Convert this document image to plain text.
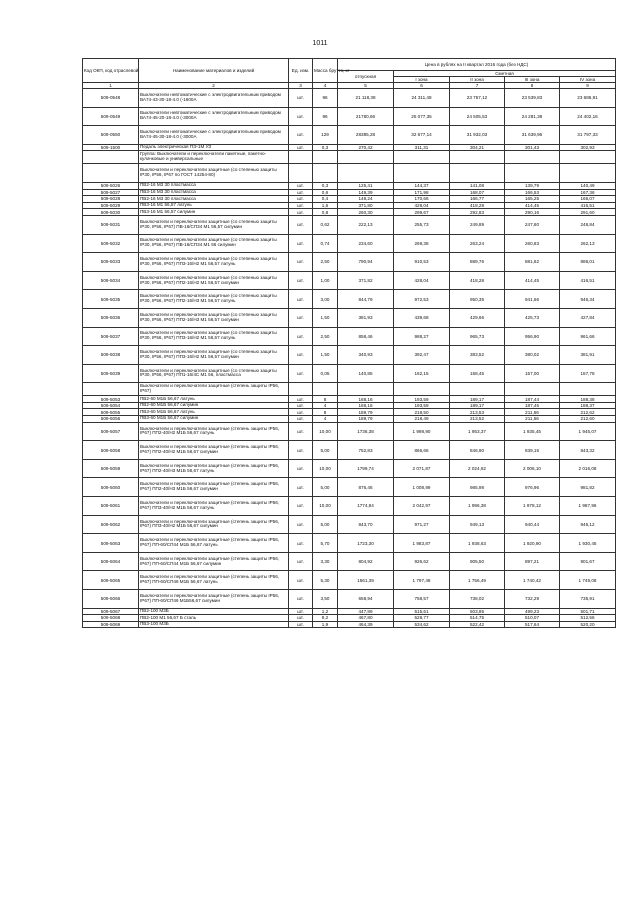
1011
Код ОКП, код отраслевой	Наименование материалов и изделий	Ед. изм.	Масса брутто, кг	Цена в рублях на II квартал 2016 года (без НДС)				
				отпускная	Сметная			
					I зона	II зона	III зона	IV зона
1	2	3	4	5	6	7	8	9
509-0548	Выключатели невтоматические с электродвигательным приводом ВА74-43-30-18-4.0 (-1600А	шт.	96	21 118,38	24 311,48	23 757,12	23 539,83	23 686,91
509-0549	Выключатели невтоматические с электродвигательным приводом ВА74-45-20-18-4.0 (-3000А	шт.	96	21780,66	25 077,35	24 505,53	24 281,38	24 402,16
509-0550	Выключатели невтоматические с электродвигательным приводом ВА74-45-30-18-4.0 (-3000А	шт.	129	28385,28	32 677,14	31 932,03	31 639,96	31 797,33
509-1500	Педаль электрическая ПЭ-1М УЗ	шт.	0,3	270,42	311,31	304,21	301,43	302,93
	Группа: Выключатели и переключатели пакетные, пакетно-кулачковые и универсальные							
	Выключатели и переключатели защитные (со степенью защиты IP30, IP56, IP67 по ГОСТ 14254-80)							
509-5026	ПВ2-16 М3 30 пластмасса	шт.	0,3	125,41	144,37	141,08	139,79	140,49
509-5027	ПВ3-16 М3 30 пластмасса	шт.	0,6	149,39	171,98	168,07	166,53	167,36
509-5028	ПВ2-16 М3 30 пластмасса	шт.	0,4	148,24	170,66	166,77	165,25	166,07
509-5029	ПВ3-16 М1 56,57 латунь	шт.	1,6	371,80	428,04	418,28	414,45	416,51
509-5030	ПВ3-16 М1 56,57 силумин	шт.	0,8	260,30	299,67	292,83	290,16	291,60
509-5031	Выключатели и переключатели защитные (со степенью защиты IP30, IP56, IP67) ПВ-16/СП34 М1 56,57 силумин	шт.	0,62	222,13	255,73	249,89	247,60	248,84
509-5032	Выключатели и переключатели защитные (со степенью защиты IP30, IP56, IP67) ПВ-16/СП34 М1 56 силумин	шт.	0,74	234,60	269,38	263,24	260,83	262,13
509-5033	Выключатели и переключатели защитные (со степенью защиты IP30, IP56, IP67) ПП3-16/Н2 М1 56,57 латунь	шт.	2,50	790,94	910,53	889,76	881,62	886,01
509-5034	Выключатели и переключатели защитные (со степенью защиты IP30, IP56, IP67) ПП2-16/Н2 М1 56,57 силумин	шт.	1,00	371,82	428,04	418,28	414,45	416,51
509-5035	Выключатели и переключатели защитные (со степенью защиты IP30, IP56, IP67) ПП2-16/Н3 М1 56,57 латунь	шт.	3,00	844,79	972,53	950,35	941,66	946,34
509-5036	Выключатели и переключатели защитные (со степенью защиты IP30, IP56, IP67) ПП2-16/Н3 М1 56,57 силумин	шт.	1,50	381,93	439,68	429,66	425,73	427,84
509-5037	Выключатели и переключатели защитные (со степенью защиты IP30, IP56, IP67) ПП3-16/Н2 М1 56,57 латунь	шт.	2,50	858,46	988,27	965,73	956,90	961,66
509-5038	Выключатели и переключатели защитные (со степенью защиты IP30, IP56, IP67) ПП3-16/Н2 М1 56,57 силумин	шт.	1,50	340,93	392,47	383,52	380,02	381,91
509-5039	Выключатели и переключатели защитные (со степенью защиты IP30, IP56, IP67) ПП1-16/4С М1 56, пластмасса	шт.	0,05	140,85	162,15	158,45	157,00	157,78
	Выключатели и переключатели защитные (степень защиты IP56, IP67)							
509-5053	ПВ2-60 М1Б 56,67 латунь	шт.	8	168,16	193,59	189,17	187,44	188,38
509-5054	ПВ2-60 М1Б 56,67 силумин	шт.	4	168,16	193,59	189,17	187,45	188,37
509-5055	ПВ3-60 М1Б 56,67 латунь	шт.	8	189,79	218,50	213,53	211,56	212,62
509-5056	ПВ3-60 М1Б 56,67 силумин	шт.	4	189,79	218,49	213,52	211,56	212,60
509-5057	Выключатели и переключатели защитные (степень защиты IP56, IP67) ПП2-40/Н2 М1Б 56,67 латунь	шт.	10,00	1736,38	1 998,90	1 953,37	1 935,45	1 945,07
509-5058	Выключатели и переключатели защитные (степень защиты IP56, IP67) ПП2-40/Н2 М1Б 56,67 силумин	шт.	5,00	752,83	866,66	846,90	839,15	843,32
509-5059	Выключатели и переключатели защитные (степень защиты IP56, IP67) ПП2-40/Н3 М1Б 56,67 латунь	шт.	10,00	1799,74	2 071,87	2 024,62	2 006,10	2 016,08
509-5060	Выключатели и переключатели защитные (степень защиты IP56, IP67) ПП2-40/Н3 М1Б 56,67 силумин	шт.	5,00	876,46	1 008,99	985,98	976,96	981,82
509-5061	Выключатели и переключатели защитные (степень защиты IP56, IP67) ПП3-40/Н2 М1Б 56,67 латунь	шт.	10,00	1774,84	2 042,97	1 996,38	1 978,12	1 987,96
509-5062	Выключатели и переключатели защитные (степень защиты IP56, IP67) ПП3-40/Н2 М1Б 56,67 силумин	шт.	5,00	843,70	971,27	949,13	940,44	945,12
509-5063	Выключатели и переключатели защитные (степень защиты IP56, IP67) ПП-60/СП44 М1Б 56,67 латунь	шт.	5,70	1723,30	1 983,87	1 938,63	1 920,90	1 930,45
509-5064	Выключатели и переключатели защитные (степень защиты IP56, IP67) ПП-60/СП44 М1Б 56,67 силумин	шт.	3,30	804,92	926,62	905,50	897,21	901,67
509-5065	Выключатели и переключатели защитные (степень защиты IP56, IP67) ПП-60/СП46 М1Б 56,67 латунь	шт.	5,30	1561,39	1 797,48	1 756,49	1 740,42	1 749,08
509-5066	Выключатели и переключатели защитные (степень защиты IP56, IP67) ПП-60/СП46 М1Б56,67 силумин	шт.	3,50	658,94	758,57	738,02	732,29	735,91
509-5067	ПВ2-100 М3Б	шт.	1,2	447,89	515,61	503,85	499,23	501,71
509-5068	ПВ2-100 М1 56,67 Б сталь	шт.	9,2	467,80	528,77	514,75	510,07	512,56
509-5069	ПВ3-100 М3Б	шт.	1,9	464,39	534,62	522,42	517,64	520,20
